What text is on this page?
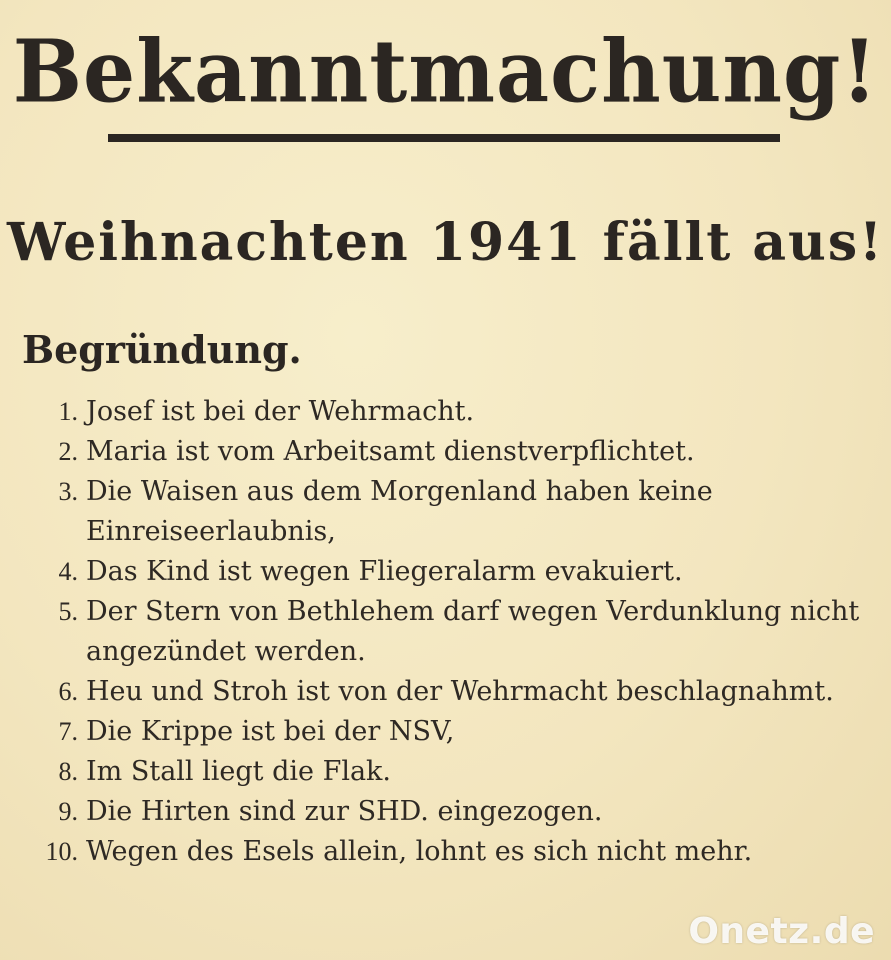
Bekanntmachung!
Weihnachten 1941 fällt aus!
Begründung.
1. Josef ist bei der Wehrmacht.
2. Maria ist vom Arbeitsamt dienstverpflichtet.
3. Die Waisen aus dem Morgenland haben keine Einreiseerlaubnis,
4. Das Kind ist wegen Fliegeralarm evakuiert.
5. Der Stern von Bethlehem darf wegen Verdunklung nicht angezündet werden.
6. Heu und Stroh ist von der Wehrmacht beschlagnahmt.
7. Die Krippe ist bei der NSV,
8. Im Stall liegt die Flak.
9. Die Hirten sind zur SHD. eingezogen.
10. Wegen des Esels allein, lohnt es sich nicht mehr.
Onetz.de
